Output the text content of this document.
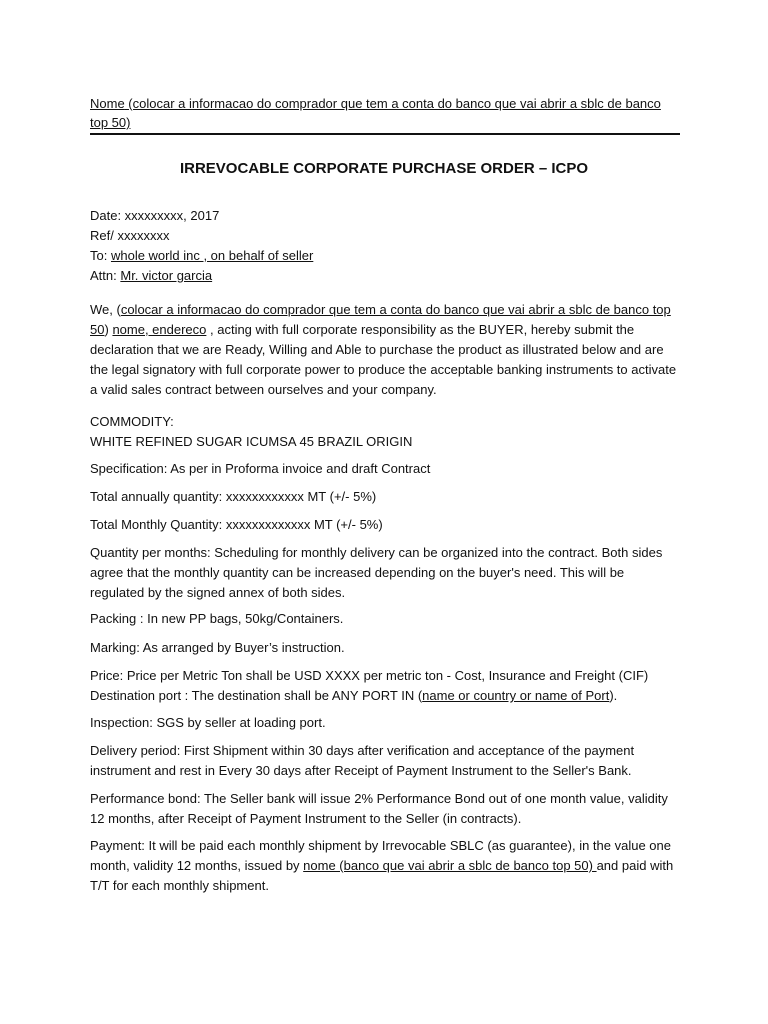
Nome (colocar a informacao do comprador que tem a conta do banco que vai abrir a sblc de banco top 50)
IRREVOCABLE CORPORATE PURCHASE ORDER – ICPO

Date: xxxxxxxxx, 2017

Ref/ xxxxxxxx

To: whole world inc , on behalf of seller

Attn: Mr. victor garcia

We, (colocar a informacao do comprador que tem a conta do banco que vai abrir a sblc de banco top 50) nome, endereco , acting with full corporate responsibility as the BUYER, hereby submit the declaration that we are Ready, Willing and Able to purchase the product as illustrated below and are the legal signatory with full corporate power to produce the acceptable banking instruments to activate a valid sales contract between ourselves and your company.

COMMODITY:

WHITE REFINED SUGAR ICUMSA 45 BRAZIL ORIGIN

Specification: As per in Proforma invoice and draft Contract

Total annually quantity: xxxxxxxxxxxx MT (+/- 5%)

Total Monthly Quantity: xxxxxxxxxxxxx MT (+/- 5%)

Quantity per months: Scheduling for monthly delivery can be organized into the contract. Both sides agree that the monthly quantity can be increased depending on the buyer's need. This will be regulated by the signed annex of both sides.

Packing : In new PP bags, 50kg/Containers.

Marking: As arranged by Buyer’s instruction.

Price: Price per Metric Ton shall be USD XXXX per metric ton - Cost, Insurance and Freight (CIF)

Destination port : The destination shall be ANY PORT IN (name or country or name of Port).

Inspection: SGS by seller at loading port.

Delivery period: First Shipment within 30 days after verification and acceptance of the payment instrument and rest in Every 30 days after Receipt of Payment Instrument to the Seller's Bank.

Performance bond: The Seller bank will issue 2% Performance Bond out of one month value, validity 12 months, after Receipt of Payment Instrument to the Seller (in contracts).

Payment: It will be paid each monthly shipment by Irrevocable SBLC (as guarantee), in the value one month, validity 12 months, issued by nome (banco que vai abrir a sblc de banco top 50) and paid with T/T for each monthly shipment.
